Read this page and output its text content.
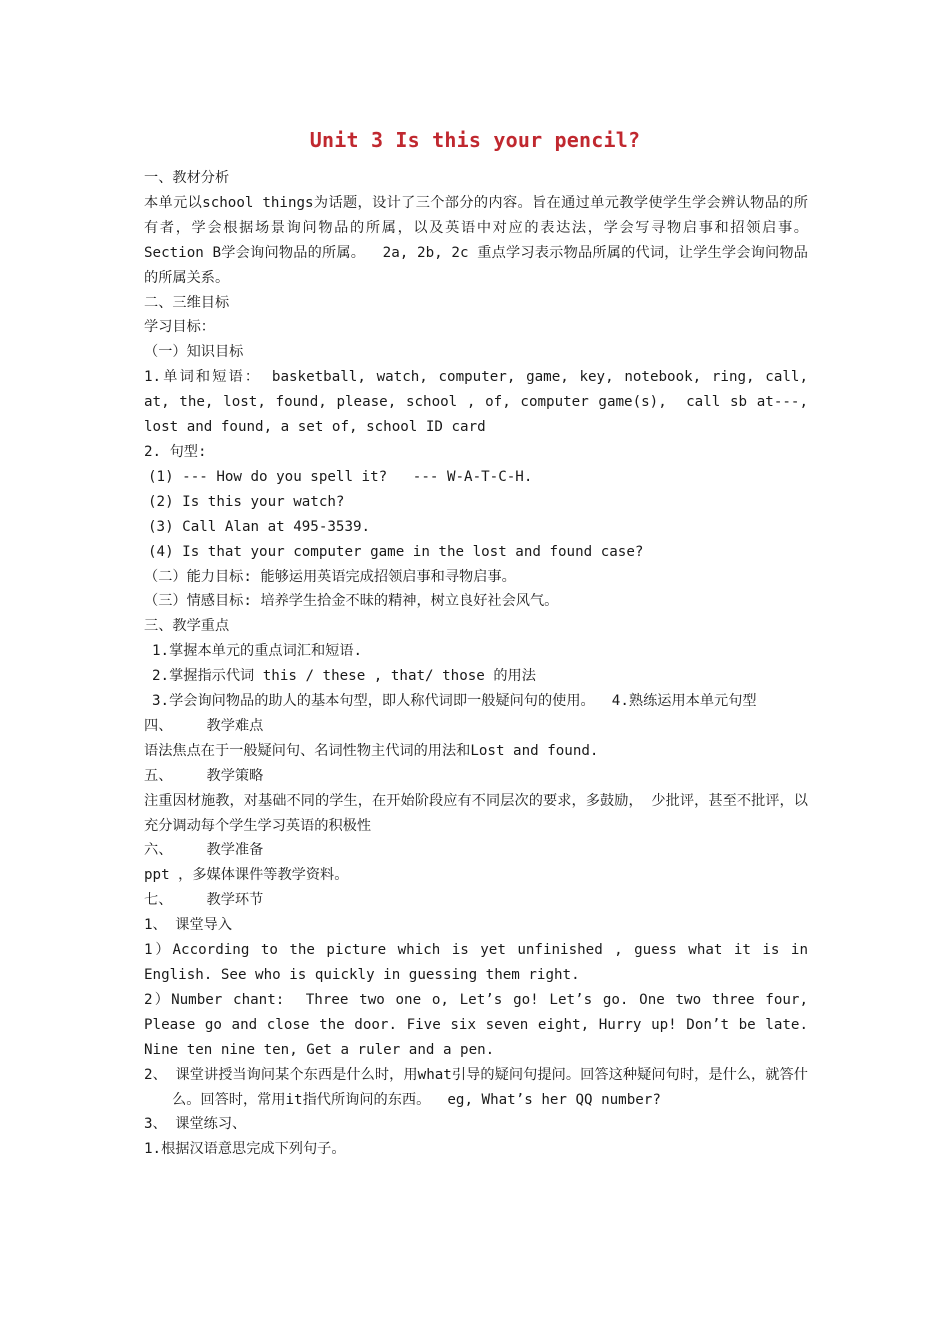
Unit 3 Is this your pencil?

一、教材分析

本单元以school things为话题，设计了三个部分的内容。旨在通过单元教学使学生学会辨认物品的所有者，学会根据场景询问物品的所属，以及英语中对应的表达法，学会写寻物启事和招领启事。 Section B学会询问物品的所属。  2a, 2b, 2c 重点学习表示物品所属的代词，让学生学会询问物品的所属关系。

二、三维目标

学习目标：

（一）知识目标

1.单词和短语： basketball, watch, computer, game, key, notebook, ring, call, at, the, lost, found, please, school , of, computer game(s),  call sb at---, lost and found, a set of, school ID card

2. 句型:

(1) --- How do you spell it?   --- W-A-T-C-H.

(2) Is this your watch?

(3) Call Alan at 495-3539.

(4) Is that your computer game in the lost and found case?

（二）能力目标: 能够运用英语完成招领启事和寻物启事。

（三）情感目标: 培养学生拾金不昧的精神，树立良好社会风气。

三、教学重点

1.掌握本单元的重点词汇和短语.

2.掌握指示代词 this / these , that/ those 的用法

3.学会询问物品的助人的基本句型，即人称代词即一般疑问句的使用。  4.熟练运用本单元句型

四、    教学难点

语法焦点在于一般疑问句、名词性物主代词的用法和Lost and found.

五、    教学策略

注重因材施教，对基础不同的学生，在开始阶段应有不同层次的要求，多鼓励， 少批评，甚至不批评，以充分调动每个学生学习英语的积极性

六、    教学准备

ppt ，多媒体课件等教学资料。

七、    教学环节

1、 课堂导入

1）According to the picture which is yet unfinished , guess what it is in English. See who is quickly in guessing them right.

2）Number chant:  Three two one o, Let’s go! Let’s go. One two three four, Please go and close the door. Five six seven eight, Hurry up! Don’t be late. Nine ten nine ten, Get a ruler and a pen.

2、 课堂讲授当询问某个东西是什么时，用what引导的疑问句提问。回答这种疑问句时，是什么，就答什么。回答时，常用it指代所询问的东西。  eg, What’s her QQ number?

3、 课堂练习、

1.根据汉语意思完成下列句子。
